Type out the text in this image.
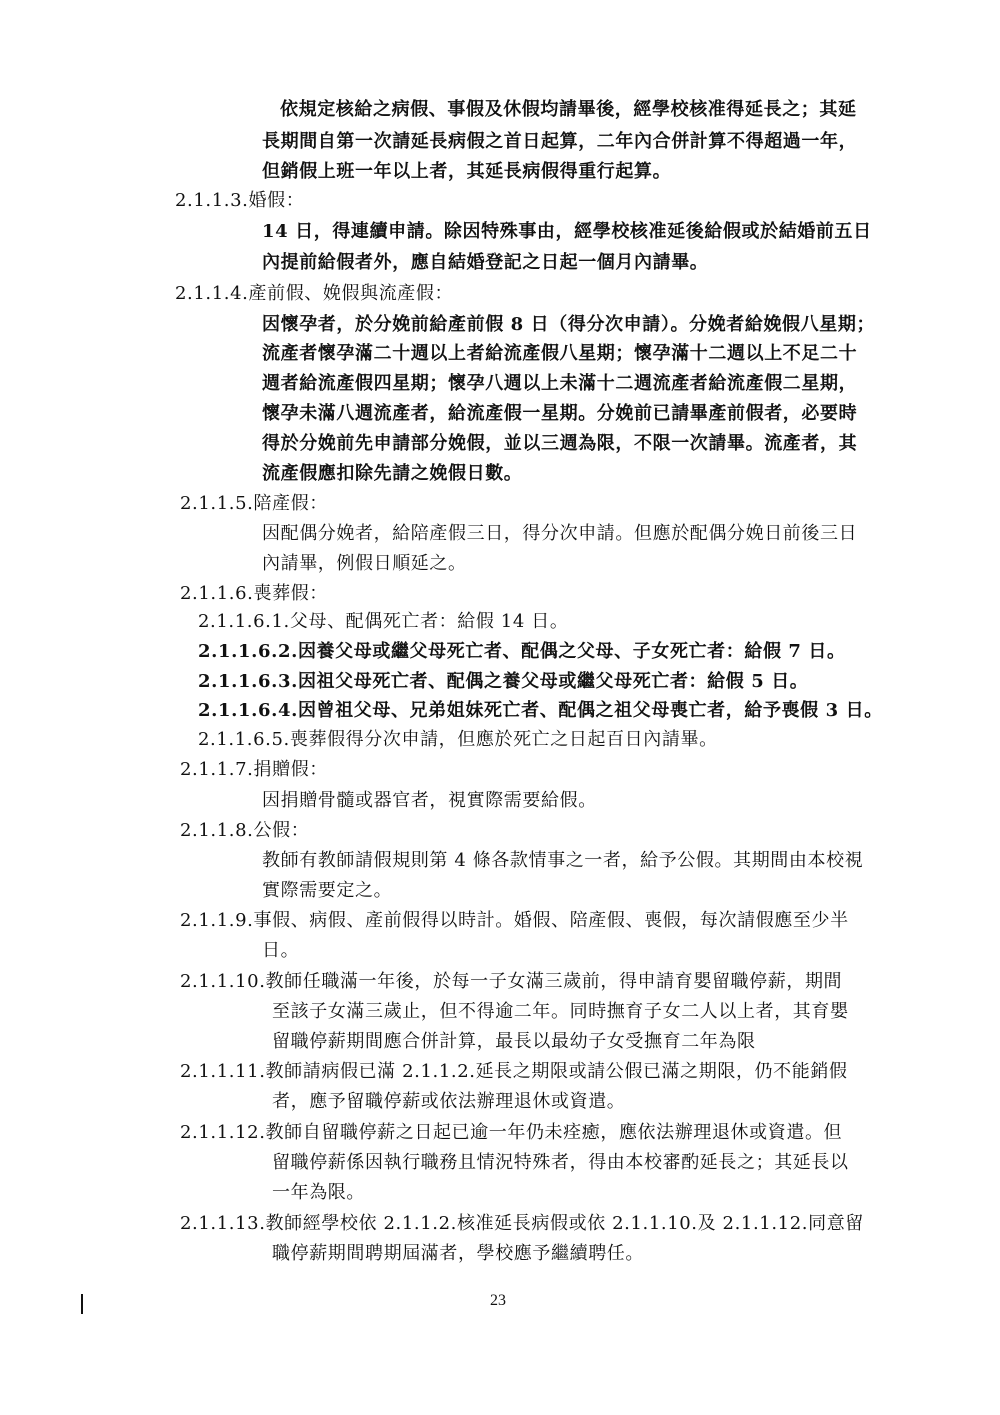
依規定核給之病假、事假及休假均請畢後，經學校核准得延長之；其延
長期間自第一次請延長病假之首日起算，二年內合併計算不得超過一年，
但銷假上班一年以上者，其延長病假得重行起算。
2.1.1.3.婚假：
14 日，得連續申請。除因特殊事由，經學校核准延後給假或於結婚前五日
內提前給假者外，應自結婚登記之日起一個月內請畢。
2.1.1.4.產前假、娩假與流產假：
因懷孕者，於分娩前給產前假 8 日（得分次申請）。分娩者給娩假八星期；
流產者懷孕滿二十週以上者給流產假八星期；懷孕滿十二週以上不足二十
週者給流產假四星期；懷孕八週以上未滿十二週流產者給流產假二星期，
懷孕未滿八週流產者，給流產假一星期。分娩前已請畢產前假者，必要時
得於分娩前先申請部分娩假，並以三週為限，不限一次請畢。流產者，其
流產假應扣除先請之娩假日數。
2.1.1.5.陪產假：
因配偶分娩者，給陪產假三日，得分次申請。但應於配偶分娩日前後三日
內請畢，例假日順延之。
2.1.1.6.喪葬假：
2.1.1.6.1.父母、配偶死亡者：給假 14 日。
2.1.1.6.2.因養父母或繼父母死亡者、配偶之父母、子女死亡者：給假 7 日。
2.1.1.6.3.因祖父母死亡者、配偶之養父母或繼父母死亡者：給假 5 日。
2.1.1.6.4.因曾祖父母、兄弟姐妹死亡者、配偶之祖父母喪亡者，給予喪假 3 日。
2.1.1.6.5.喪葬假得分次申請，但應於死亡之日起百日內請畢。
2.1.1.7.捐贈假：
因捐贈骨髓或器官者，視實際需要給假。
2.1.1.8.公假：
教師有教師請假規則第 4 條各款情事之一者，給予公假。其期間由本校視
實際需要定之。
2.1.1.9.事假、病假、產前假得以時計。婚假、陪產假、喪假，每次請假應至少半
日。
2.1.1.10.教師任職滿一年後，於每一子女滿三歲前，得申請育嬰留職停薪，期間
至該子女滿三歲止，但不得逾二年。同時撫育子女二人以上者，其育嬰
留職停薪期間應合併計算，最長以最幼子女受撫育二年為限
2.1.1.11.教師請病假已滿 2.1.1.2.延長之期限或請公假已滿之期限，仍不能銷假
者，應予留職停薪或依法辦理退休或資遣。
2.1.1.12.教師自留職停薪之日起已逾一年仍未痊癒，應依法辦理退休或資遣。但
留職停薪係因執行職務且情況特殊者，得由本校審酌延長之；其延長以
一年為限。
2.1.1.13.教師經學校依 2.1.1.2.核准延長病假或依 2.1.1.10.及 2.1.1.12.同意留
職停薪期間聘期屆滿者，學校應予繼續聘任。
23
